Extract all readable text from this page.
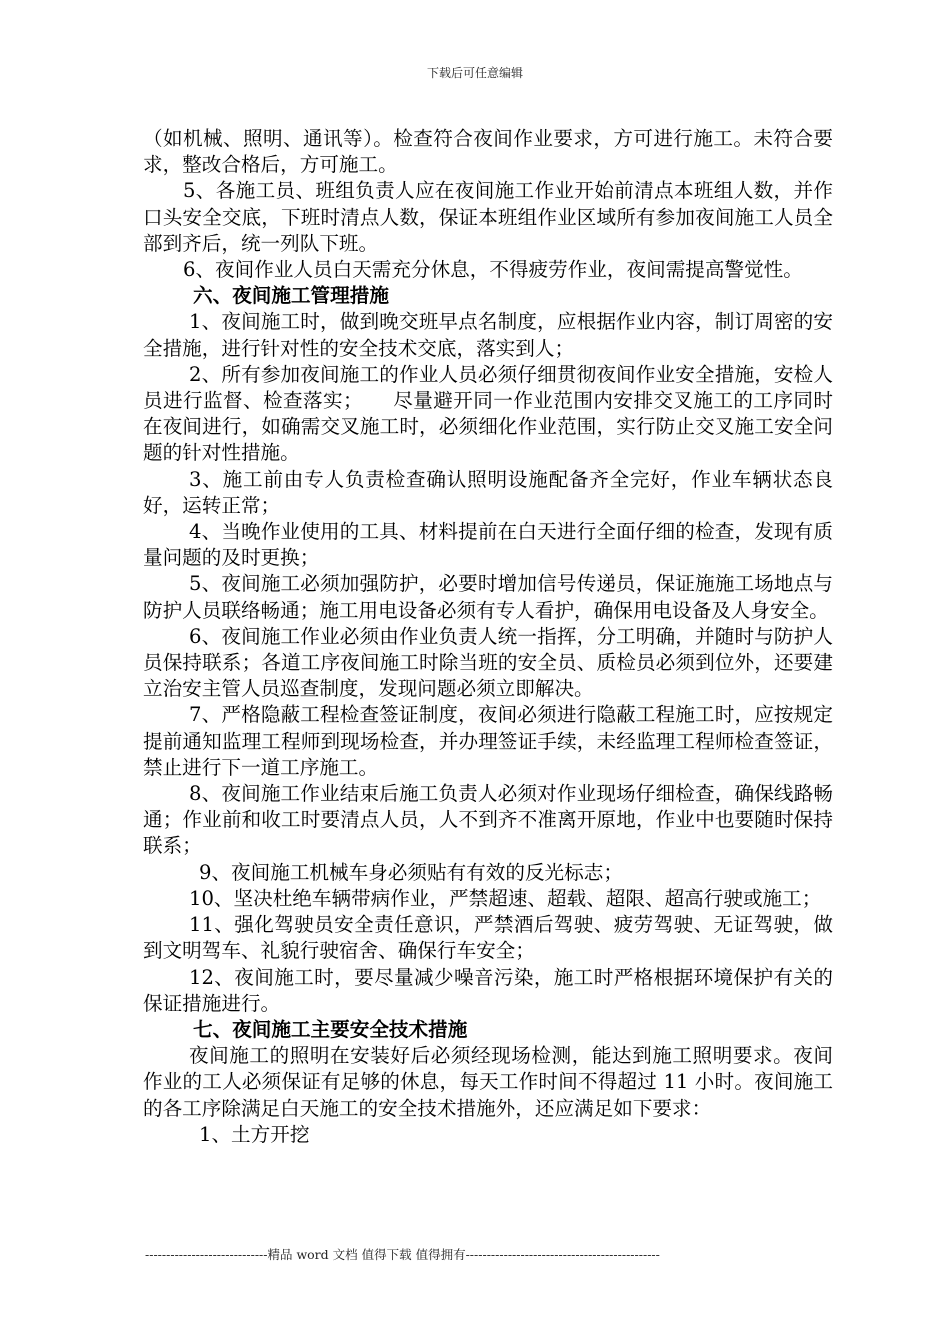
下载后可任意编辑

（如机械、照明、通讯等）。检查符合夜间作业要求，方可进行施工。未符合要求，整改合格后，方可施工。

5、各施工员、班组负责人应在夜间施工作业开始前清点本班组人数，并作口头安全交底，下班时清点人数，保证本班组作业区域所有参加夜间施工人员全部到齐后，统一列队下班。

6、夜间作业人员白天需充分休息，不得疲劳作业，夜间需提高警觉性。

六、夜间施工管理措施

1、夜间施工时，做到晚交班早点名制度，应根据作业内容，制订周密的安全措施，进行针对性的安全技术交底，落实到人；

2、所有参加夜间施工的作业人员必须仔细贯彻夜间作业安全措施，安检人员进行监督、检查落实；　　尽量避开同一作业范围内安排交叉施工的工序同时在夜间进行，如确需交叉施工时，必须细化作业范围，实行防止交叉施工安全问题的针对性措施。

3、施工前由专人负责检查确认照明设施配备齐全完好，作业车辆状态良好，运转正常；

4、当晚作业使用的工具、材料提前在白天进行全面仔细的检查，发现有质量问题的及时更换；

5、夜间施工必须加强防护，必要时增加信号传递员，保证施施工场地点与防护人员联络畅通；施工用电设备必须有专人看护，确保用电设备及人身安全。

6、夜间施工作业必须由作业负责人统一指挥，分工明确，并随时与防护人员保持联系；各道工序夜间施工时除当班的安全员、质检员必须到位外，还要建立治安主管人员巡查制度，发现问题必须立即解决。

7、严格隐蔽工程检查签证制度，夜间必须进行隐蔽工程施工时，应按规定提前通知监理工程师到现场检查，并办理签证手续，未经监理工程师检查签证，禁止进行下一道工序施工。

8、夜间施工作业结束后施工负责人必须对作业现场仔细检查，确保线路畅通；作业前和收工时要清点人员，人不到齐不准离开原地，作业中也要随时保持联系；

9、夜间施工机械车身必须贴有有效的反光标志；

10、坚决杜绝车辆带病作业，严禁超速、超载、超限、超高行驶或施工；

11、强化驾驶员安全责任意识，严禁酒后驾驶、疲劳驾驶、无证驾驶，做到文明驾车、礼貌行驶宿舍、确保行车安全；

12、夜间施工时，要尽量减少噪音污染，施工时严格根据环境保护有关的保证措施进行。

七、夜间施工主要安全技术措施

夜间施工的照明在安装好后必须经现场检测，能达到施工照明要求。夜间作业的工人必须保证有足够的休息，每天工作时间不得超过 11 小时。夜间施工的各工序除满足白天施工的安全技术措施外，还应满足如下要求：

1、土方开挖

-----------------------------精品 word 文档 值得下载 值得拥有----------------------------------------------
